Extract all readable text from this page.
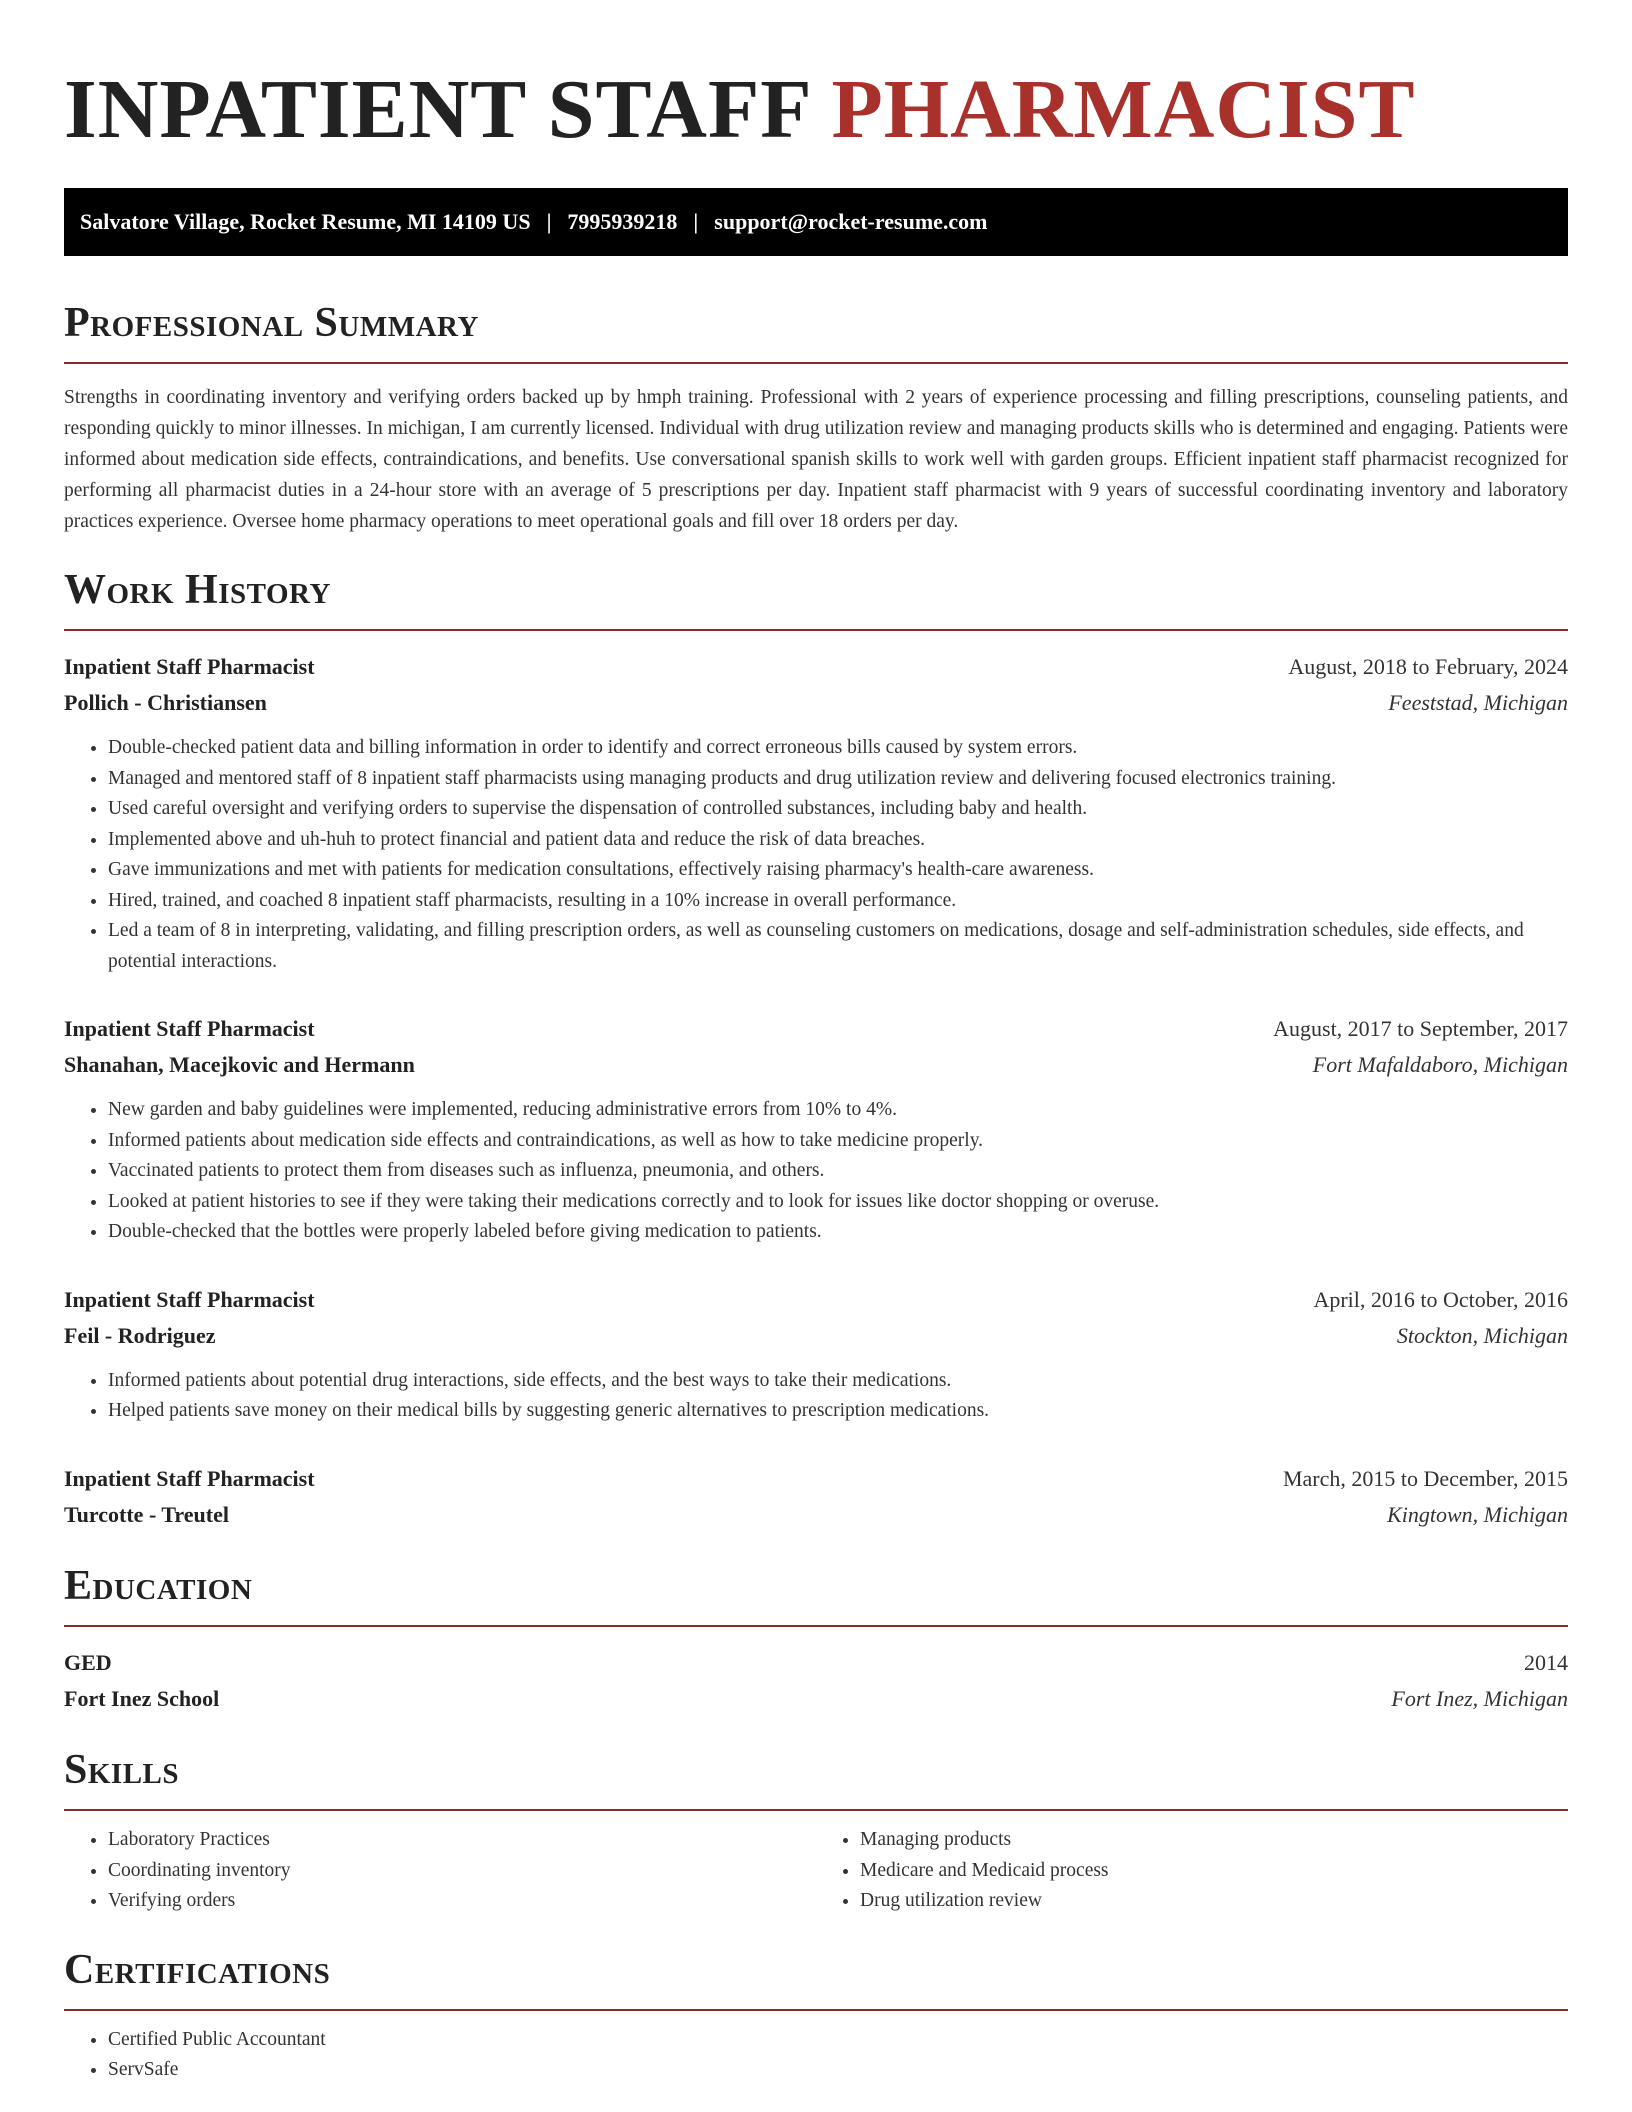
INPATIENT STAFF PHARMACIST
Salvatore Village, Rocket Resume, MI 14109 US | 7995939218 | support@rocket-resume.com
Professional Summary

Strengths in coordinating inventory and verifying orders backed up by hmph training. Professional with 2 years of experience processing and filling prescriptions, counseling patients, and responding quickly to minor illnesses. In michigan, I am currently licensed. Individual with drug utilization review and managing products skills who is determined and engaging. Patients were informed about medication side effects, contraindications, and benefits. Use conversational spanish skills to work well with garden groups. Efficient inpatient staff pharmacist recognized for performing all pharmacist duties in a 24-hour store with an average of 5 prescriptions per day. Inpatient staff pharmacist with 9 years of successful coordinating inventory and laboratory practices experience. Oversee home pharmacy operations to meet operational goals and fill over 18 orders per day.

Work History
Inpatient Staff Pharmacist	August, 2018 to February, 2024
Pollich - Christiansen	Feeststad, Michigan
• Double-checked patient data and billing information in order to identify and correct erroneous bills caused by system errors.
• Managed and mentored staff of 8 inpatient staff pharmacists using managing products and drug utilization review and delivering focused electronics training.
• Used careful oversight and verifying orders to supervise the dispensation of controlled substances, including baby and health.
• Implemented above and uh-huh to protect financial and patient data and reduce the risk of data breaches.
• Gave immunizations and met with patients for medication consultations, effectively raising pharmacy's health-care awareness.
• Hired, trained, and coached 8 inpatient staff pharmacists, resulting in a 10% increase in overall performance.
• Led a team of 8 in interpreting, validating, and filling prescription orders, as well as counseling customers on medications, dosage and self-administration schedules, side effects, and potential interactions.
Inpatient Staff Pharmacist	August, 2017 to September, 2017
Shanahan, Macejkovic and Hermann	Fort Mafaldaboro, Michigan
• New garden and baby guidelines were implemented, reducing administrative errors from 10% to 4%.
• Informed patients about medication side effects and contraindications, as well as how to take medicine properly.
• Vaccinated patients to protect them from diseases such as influenza, pneumonia, and others.
• Looked at patient histories to see if they were taking their medications correctly and to look for issues like doctor shopping or overuse.
• Double-checked that the bottles were properly labeled before giving medication to patients.
Inpatient Staff Pharmacist	April, 2016 to October, 2016
Feil - Rodriguez	Stockton, Michigan
• Informed patients about potential drug interactions, side effects, and the best ways to take their medications.
• Helped patients save money on their medical bills by suggesting generic alternatives to prescription medications.
Inpatient Staff Pharmacist	March, 2015 to December, 2015
Turcotte - Treutel	Kingtown, Michigan
Education
GED	2014
Fort Inez School	Fort Inez, Michigan
Skills
• Laboratory Practices
• Coordinating inventory
• Verifying orders
• Managing products
• Medicare and Medicaid process
• Drug utilization review
Certifications
• Certified Public Accountant
• ServSafe
